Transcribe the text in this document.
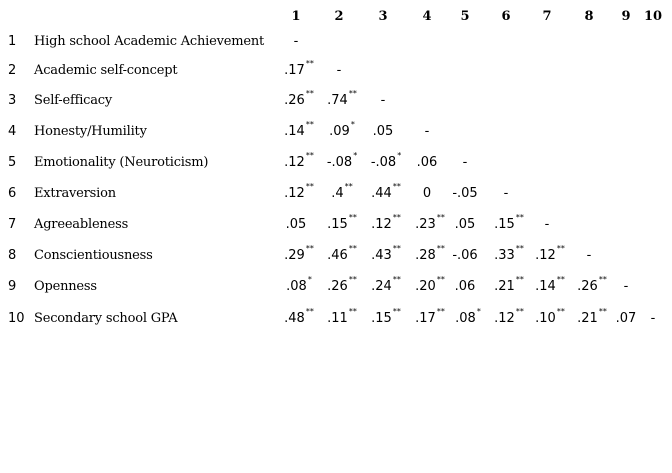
1	2	3	4 5 6 7	8 9 10
1 High school Academic Achievement -
2 Academic self-concept	.17** -
3 Self-efficacy	.26** .74** -
4 Honesty/Humility	.14** .09* .05 -
5 Emotionality (Neuroticism)	.12** -.08* -.08* .06 -
6 Extraversion	.12** .4** .44** 0 -.05 -
7 Agreeableness	.05 .15** .12** .23** .05 .15** -
8 Conscientiousness	.29** .46** .43** .28** -.06 .33** .12** -
9 Openness	.08* .26** .24** .20** .06 .21** .14** .26** -
10 Secondary school GPA	.48** .11** .15** .17** .08* .12** .10** .21** .07 -
